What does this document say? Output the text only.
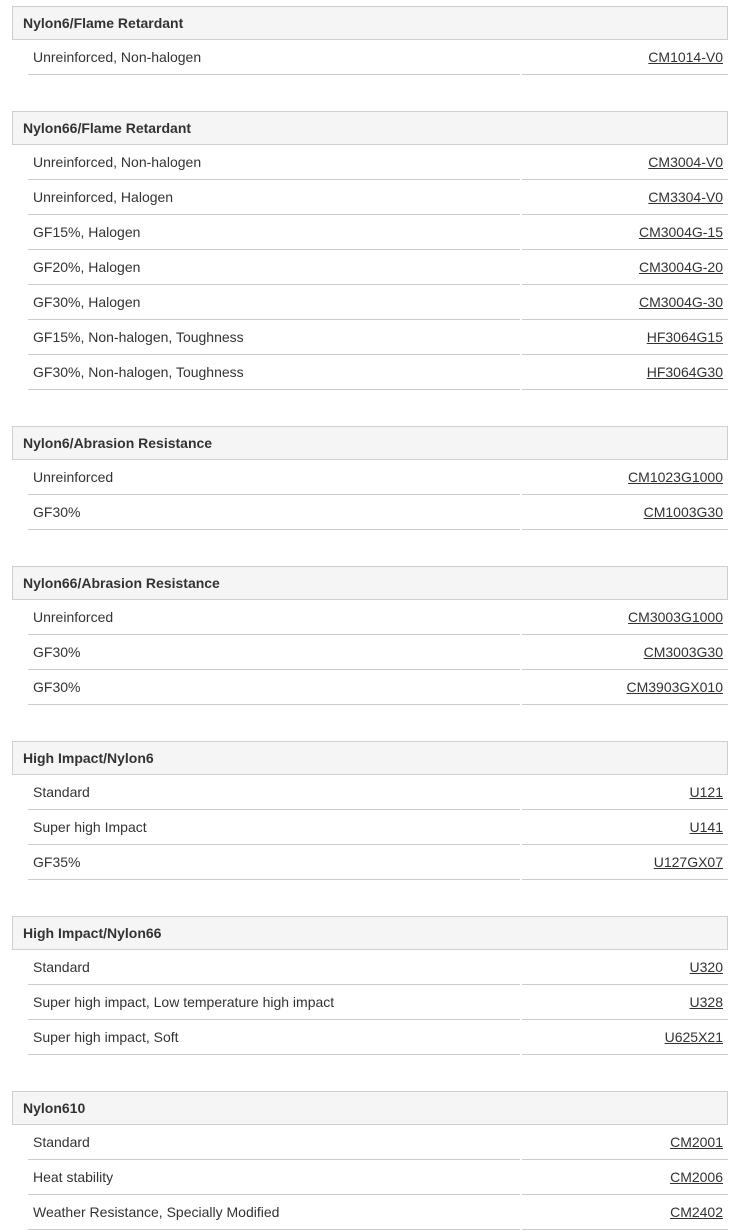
Nylon6/Flame Retardant
Unreinforced, Non-halogen	CM1014-V0
Nylon66/Flame Retardant
Unreinforced, Non-halogen	CM3004-V0
Unreinforced, Halogen	CM3304-V0
GF15%, Halogen	CM3004G-15
GF20%, Halogen	CM3004G-20
GF30%, Halogen	CM3004G-30
GF15%, Non-halogen, Toughness	HF3064G15
GF30%, Non-halogen, Toughness	HF3064G30
Nylon6/Abrasion Resistance
Unreinforced	CM1023G1000
GF30%	CM1003G30
Nylon66/Abrasion Resistance
Unreinforced	CM3003G1000
GF30%	CM3003G30
GF30%	CM3903GX010
High Impact/Nylon6
Standard	U121
Super high Impact	U141
GF35%	U127GX07
High Impact/Nylon66
Standard	U320
Super high impact, Low temperature high impact	U328
Super high impact, Soft	U625X21
Nylon610
Standard	CM2001
Heat stability	CM2006
Weather Resistance, Specially Modified	CM2402
